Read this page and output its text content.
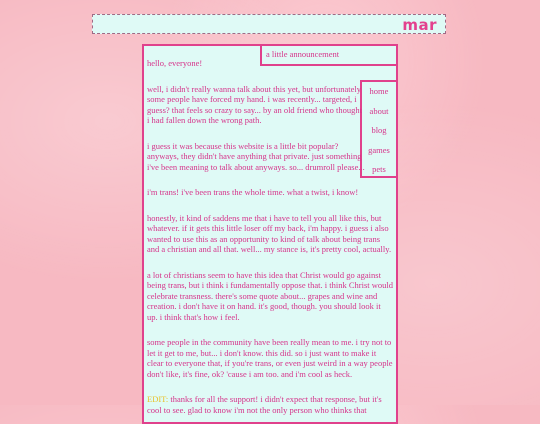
mar
a little announcement
home
about
blog
games
pets

hello, everyone!

well, i didn't really wanna talk about this yet, but unfortunately some people have forced my hand. i was recently... targeted, i guess? that feels so crazy to say... by an old friend who thought i had fallen down the wrong path.

i guess it was because this website is a little bit popular? anyways, they didn't have anything that private. just something i've been meaning to talk about anyways. so... drumroll please...

i'm trans! i've been trans the whole time. what a twist, i know!

honestly, it kind of saddens me that i have to tell you all like this, but whatever. if it gets this little loser off my back, i'm happy. i guess i also wanted to use this as an opportunity to kind of talk about being trans and a christian and all that. well... my stance is, it's pretty cool, actually.

a lot of christians seem to have this idea that Christ would go against being trans, but i think i fundamentally oppose that. i think Christ would celebrate transness. there's some quote about... grapes and wine and creation. i don't have it on hand. it's good, though. you should look it up. i think that's how i feel.

some people in the community have been really mean to me. i try not to let it get to me, but... i don't know. this did. so i just want to make it clear to everyone that, if you're trans, or even just weird in a way people don't like, it's fine, ok? 'cause i am too. and i'm cool as heck.

EDIT: thanks for all the support! i didn't expect that response, but it's cool to see. glad to know i'm not the only person who thinks that
